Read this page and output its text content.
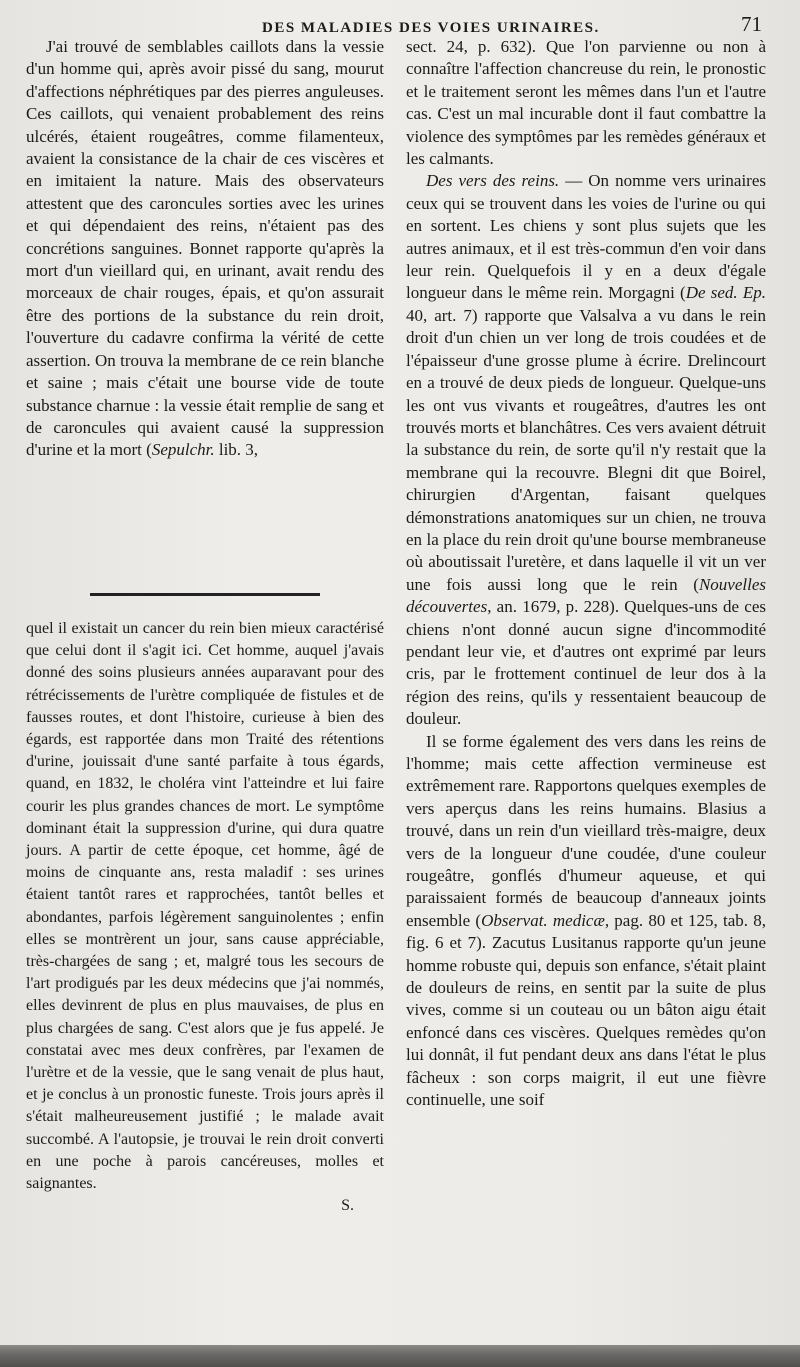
DES MALADIES DES VOIES URINAIRES.	71

J'ai trouvé de semblables caillots dans la vessie d'un homme qui, après avoir pissé du sang, mourut d'affections néphrétiques par des pierres anguleuses. Ces caillots, qui venaient probablement des reins ulcérés, étaient rougeâtres, comme filamenteux, avaient la consistance de la chair de ces viscères et en imitaient la nature. Mais des observateurs attestent que des caroncules sorties avec les urines et qui dépendaient des reins, n'étaient pas des concrétions sanguines. Bonnet rapporte qu'après la mort d'un vieillard qui, en urinant, avait rendu des morceaux de chair rouges, épais, et qu'on assurait être des portions de la substance du rein droit, l'ouverture du cadavre confirma la vérité de cette assertion. On trouva la membrane de ce rein blanche et saine ; mais c'était une bourse vide de toute substance charnue : la vessie était remplie de sang et de caroncules qui avaient causé la suppression d'urine et la mort (Sepulchr. lib. 3,

quel il existait un cancer du rein bien mieux caractérisé que celui dont il s'agit ici. Cet homme, auquel j'avais donné des soins plusieurs années auparavant pour des rétrécissements de l'urètre compliquée de fistules et de fausses routes, et dont l'histoire, curieuse à bien des égards, est rapportée dans mon Traité des rétentions d'urine, jouissait d'une santé parfaite à tous égards, quand, en 1832, le choléra vint l'atteindre et lui faire courir les plus grandes chances de mort. Le symptôme dominant était la suppression d'urine, qui dura quatre jours. A partir de cette époque, cet homme, âgé de moins de cinquante ans, resta maladif : ses urines étaient tantôt rares et rapprochées, tantôt belles et abondantes, parfois légèrement sanguinolentes ; enfin elles se montrèrent un jour, sans cause appréciable, très-chargées de sang ; et, malgré tous les secours de l'art prodigués par les deux médecins que j'ai nommés, elles devinrent de plus en plus mauvaises, de plus en plus chargées de sang. C'est alors que je fus appelé. Je constatai avec mes deux confrères, par l'examen de l'urètre et de la vessie, que le sang venait de plus haut, et je conclus à un pronostic funeste. Trois jours après il s'était malheureusement justifié ; le malade avait succombé. A l'autopsie, je trouvai le rein droit converti en une poche à parois cancéreuses, molles et saignantes.

S.

sect. 24, p. 632). Que l'on parvienne ou non à connaître l'affection chancreuse du rein, le pronostic et le traitement seront les mêmes dans l'un et l'autre cas. C'est un mal incurable dont il faut combattre la violence des symptômes par les remèdes généraux et les calmants.

Des vers des reins. — On nomme vers urinaires ceux qui se trouvent dans les voies de l'urine ou qui en sortent. Les chiens y sont plus sujets que les autres animaux, et il est très-commun d'en voir dans leur rein. Quelquefois il y en a deux d'égale longueur dans le même rein. Morgagni (De sed. Ep. 40, art. 7) rapporte que Valsalva a vu dans le rein droit d'un chien un ver long de trois coudées et de l'épaisseur d'une grosse plume à écrire. Drelincourt en a trouvé de deux pieds de longueur. Quelque-uns les ont vus vivants et rougeâtres, d'autres les ont trouvés morts et blanchâtres. Ces vers avaient détruit la substance du rein, de sorte qu'il n'y restait que la membrane qui la recouvre. Blegni dit que Boirel, chirurgien d'Argentan, faisant quelques démonstrations anatomiques sur un chien, ne trouva en la place du rein droit qu'une bourse membraneuse où aboutissait l'uretère, et dans laquelle il vit un ver une fois aussi long que le rein (Nouvelles découvertes, an. 1679, p. 228). Quelques-uns de ces chiens n'ont donné aucun signe d'incommodité pendant leur vie, et d'autres ont exprimé par leurs cris, par le frottement continuel de leur dos à la région des reins, qu'ils y ressentaient beaucoup de douleur.

Il se forme également des vers dans les reins de l'homme; mais cette affection vermineuse est extrêmement rare. Rapportons quelques exemples de vers aperçus dans les reins humains. Blasius a trouvé, dans un rein d'un vieillard très-maigre, deux vers de la longueur d'une coudée, d'une couleur rougeâtre, gonflés d'humeur aqueuse, et qui paraissaient formés de beaucoup d'anneaux joints ensemble (Observat. medicæ, pag. 80 et 125, tab. 8, fig. 6 et 7). Zacutus Lusitanus rapporte qu'un jeune homme robuste qui, depuis son enfance, s'était plaint de douleurs de reins, en sentit par la suite de plus vives, comme si un couteau ou un bâton aigu était enfoncé dans ces viscères. Quelques remèdes qu'on lui donnât, il fut pendant deux ans dans l'état le plus fâcheux : son corps maigrit, il eut une fièvre continuelle, une soif
